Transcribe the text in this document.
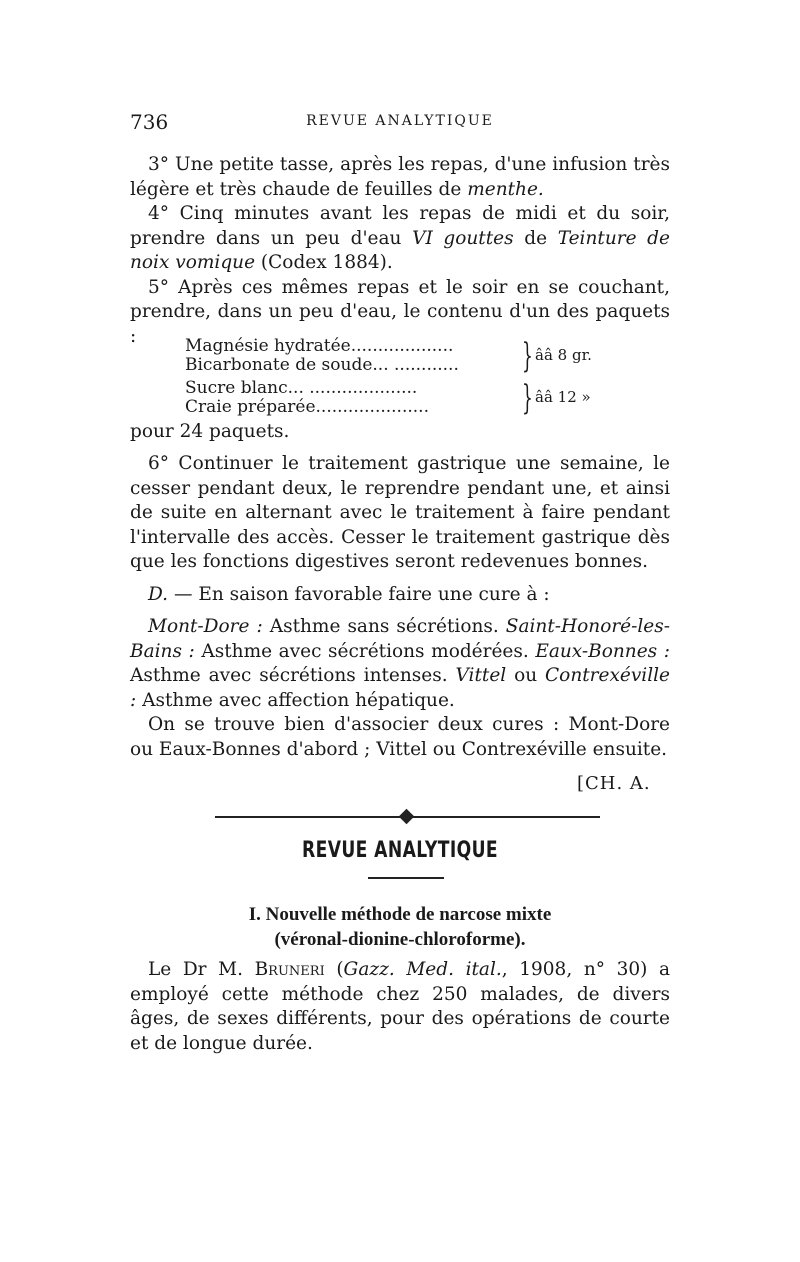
736	REVUE ANALYTIQUE

3° Une petite tasse, après les repas, d'une infusion très légère et très chaude de feuilles de menthe.

4° Cinq minutes avant les repas de midi et du soir, prendre dans un peu d'eau VI gouttes de Teinture de noix vomique (Codex 1884).

5° Après ces mêmes repas et le soir en se couchant, prendre, dans un peu d'eau, le contenu d'un des paquets :	Magnésie hydratée...................
Bicarbonate de soude... ............	} ââ 8 gr.
Sucre blanc... ....................
Craie préparée.....................	} ââ 12 »

pour 24 paquets.

6° Continuer le traitement gastrique une semaine, le cesser pendant deux, le reprendre pendant une, et ainsi de suite en alternant avec le traitement à faire pendant l'intervalle des accès. Cesser le traitement gastrique dès que les fonctions digestives seront redevenues bonnes.

D. — En saison favorable faire une cure à :

Mont-Dore : Asthme sans sécrétions. Saint-Honoré-les-Bains : Asthme avec sécrétions modérées. Eaux-Bonnes : Asthme avec sécrétions intenses. Vittel ou Contrexéville : Asthme avec affection hépatique.

On se trouve bien d'associer deux cures : Mont-Dore ou Eaux-Bonnes d'abord ; Vittel ou Contrexéville ensuite.

[CH. A.
REVUE ANALYTIQUE
I. Nouvelle méthode de narcose mixte
(véronal-dionine-chloroforme).

Le Dr M. Bruneri (Gazz. Med. ital., 1908, n° 30) a employé cette méthode chez 250 malades, de divers âges, de sexes différents, pour des opérations de courte et de longue durée.
